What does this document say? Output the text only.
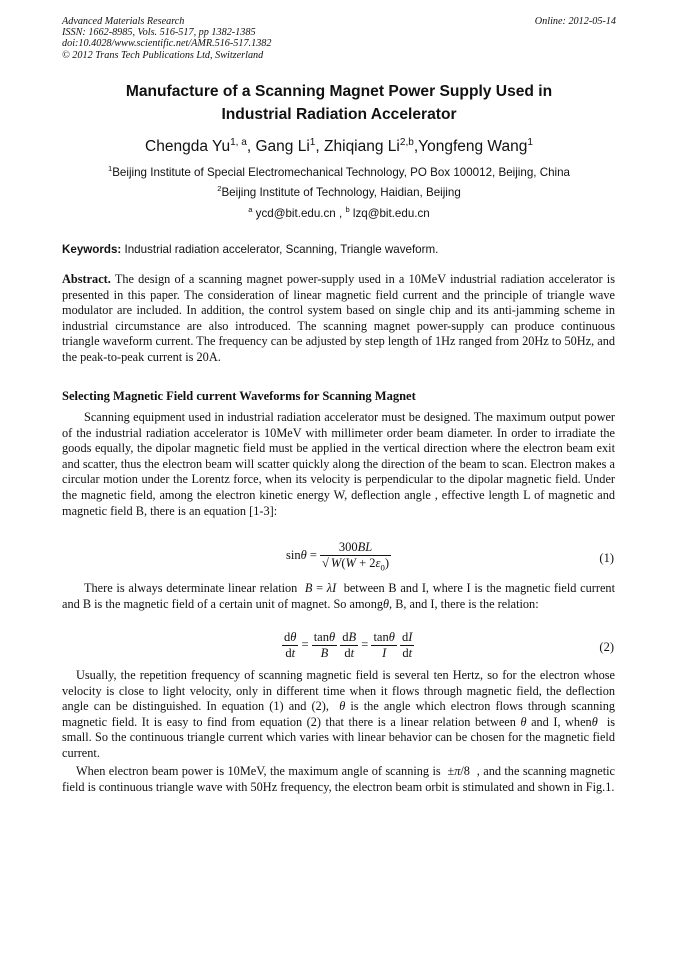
Advanced Materials Research
ISSN: 1662-8985, Vols. 516-517, pp 1382-1385
doi:10.4028/www.scientific.net/AMR.516-517.1382
© 2012 Trans Tech Publications Ltd, Switzerland
Online: 2012-05-14
Manufacture of a Scanning Magnet Power Supply Used in
Industrial Radiation Accelerator
Chengda Yu$^{1, a}$, Gang Li$^1$, Zhiqiang Li$^{2,b}$,Yongfeng Wang$^1$
$^1$Beijing Institute of Special Electromechanical Technology, PO Box 100012, Beijing, China
$^2$Beijing Institute of Technology, Haidian, Beijing
$^a$ ycd@bit.edu.cn , $^b$ lzq@bit.edu.cn
Keywords: Industrial radiation accelerator, Scanning, Triangle waveform.
Abstract. The design of a scanning magnet power-supply used in a 10MeV industrial radiation accelerator is presented in this paper. The consideration of linear magnetic field current and the principle of triangle wave modulator are included. In addition, the control system based on single chip and its anti-jamming scheme in industrial circumstance are also introduced. The scanning magnet power-supply can produce continuous triangle waveform current. The frequency can be adjusted by step length of 1Hz ranged from 20Hz to 50Hz, and the peak-to-peak current is 20A.
Selecting Magnetic Field current Waveforms for Scanning Magnet
Scanning equipment used in industrial radiation accelerator must be designed. The maximum output power of the industrial radiation accelerator is 10MeV with millimeter order beam diameter. In order to irradiate the goods equally, the dipolar magnetic field must be applied in the vertical direction where the electron beam exit and scatter, thus the electron beam will scatter quickly along the direction of the beam to scan. Electron makes a circular motion under the Lorentz force, when its velocity is perpendicular to the dipolar magnetic field. Under the magnetic field, among the electron kinetic energy W, deflection angle , effective length L of magnetic and magnetic field B, there is an equation [1-3]:
$\sin\theta = \frac{300BL}{√ W(W + 2\varepsilon_0)}$	(1)
There is always determinate linear relation B = λI between B and I, where I is the magnetic field current and B is the magnetic field of a certain unit of magnet. So amongθ, B, and I, there is the relation:
$\frac{d\theta}{dt} = \frac{\tan\theta}{B}$
$\frac{dB}{dt} = \frac{\tan\theta}{I}$
$\frac{dI}{dt}$	(2)
Usually, the repetition frequency of scanning magnetic field is several ten Hertz, so for the electron whose velocity is close to light velocity, only in different time when it flows through magnetic field, the deflection angle can be distinguished. In equation (1) and (2), θ is the angle which electron flows through scanning magnetic field. It is easy to find from equation (2) that there is a linear relation between θ and I, whenθ is small. So the continuous triangle current which varies with linear behavior can be chosen for the magnetic field current.
When electron beam power is 10MeV, the maximum angle of scanning is  ±π/8  , and the scanning magnetic field is continuous triangle wave with 50Hz frequency, the electron beam orbit is stimulated and shown in Fig.1.
